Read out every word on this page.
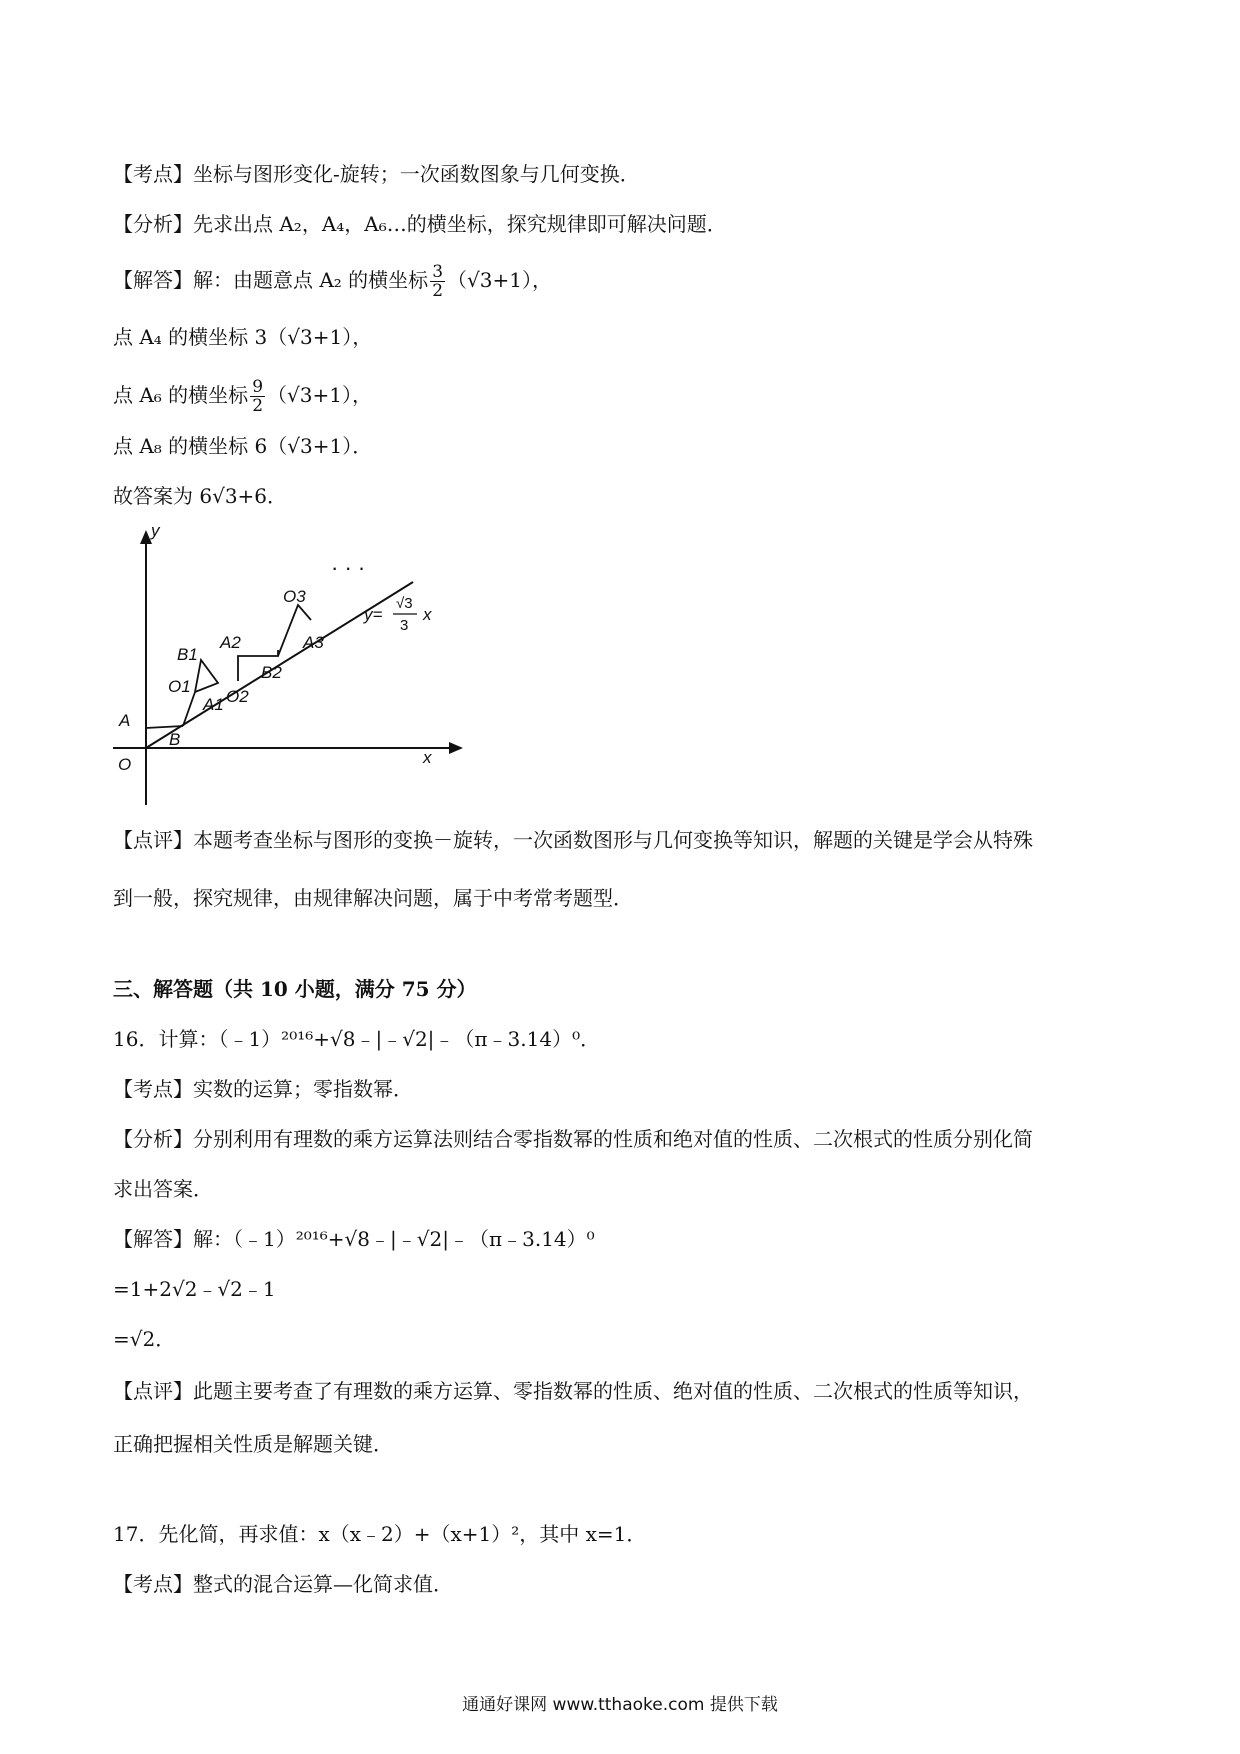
【考点】坐标与图形变化-旋转；一次函数图象与几何变换．
【分析】先求出点 A₂，A₄，A₆…的横坐标，探究规律即可解决问题．
【解答】解：由题意点 A₂ 的横坐标 $\frac{3}{2} (√3+1)$，
点 A₄ 的横坐标 3（√3+1），
点 A₆ 的横坐标 $\frac{9}{2} (√3+1)$，
点 A₈ 的横坐标 6（√3+1）．
故答案为 6√3+6．
y
x
O
A
B
O1
B1
A1 O2
A2
B2
O3
A3
· · ·
y=
√3
3
x
【点评】本题考查坐标与图形的变换－旋转，一次函数图形与几何变换等知识，解题的关键是学会从特殊
到一般，探究规律，由规律解决问题，属于中考常考题型．
三、解答题（共 10 小题，满分 75 分）
16．计算：（﹣1）²⁰¹⁶+√8﹣|﹣√2|﹣（π﹣3.14）⁰．
【考点】实数的运算；零指数幂．
【分析】分别利用有理数的乘方运算法则结合零指数幂的性质和绝对值的性质、二次根式的性质分别化简
求出答案．
【解答】解：（﹣1）²⁰¹⁶+√8﹣|﹣√2|﹣（π﹣3.14）⁰
=1+2√2﹣√2﹣1
=√2．
【点评】此题主要考查了有理数的乘方运算、零指数幂的性质、绝对值的性质、二次根式的性质等知识，
正确把握相关性质是解题关键．
17．先化简，再求值：x（x﹣2）+（x+1）²，其中 x=1．
【考点】整式的混合运算—化简求值．
通通好课网 www.tthaoke.com 提供下载
